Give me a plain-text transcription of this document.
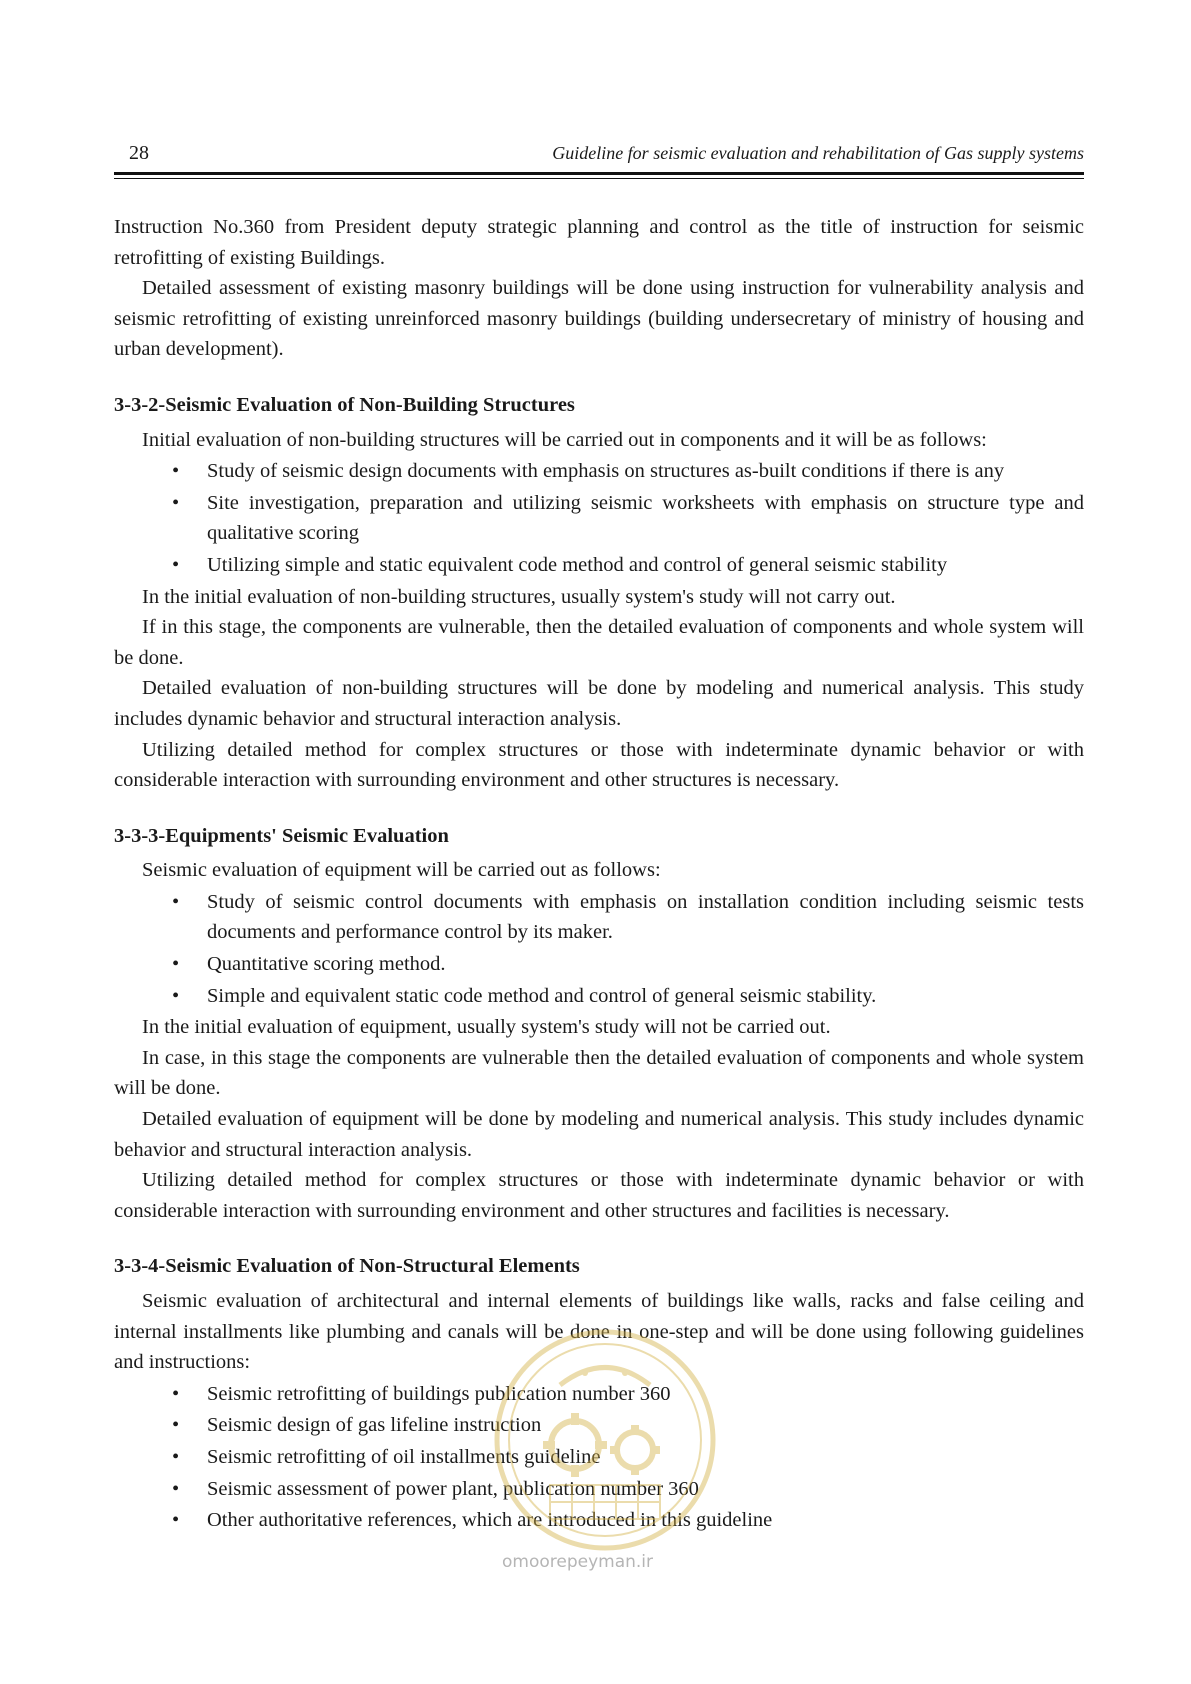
28	Guideline for seismic evaluation and rehabilitation of Gas supply systems

Instruction No.360 from President deputy strategic planning and control as the title of instruction for seismic retrofitting of existing Buildings.

Detailed assessment of existing masonry buildings will be done using instruction for vulnerability analysis and seismic retrofitting of existing unreinforced masonry buildings (building undersecretary of ministry of housing and urban development).

3-3-2-Seismic Evaluation of Non-Building Structures

Initial evaluation of non-building structures will be carried out in components and it will be as follows:

• Study of seismic design documents with emphasis on structures as-built conditions if there is any
• Site investigation, preparation and utilizing seismic worksheets with emphasis on structure type and qualitative scoring
• Utilizing simple and static equivalent code method and control of general seismic stability

In the initial evaluation of non-building structures, usually system's study will not carry out.

If in this stage, the components are vulnerable, then the detailed evaluation of components and whole system will be done.

Detailed evaluation of non-building structures will be done by modeling and numerical analysis. This study includes dynamic behavior and structural interaction analysis.

Utilizing detailed method for complex structures or those with indeterminate dynamic behavior or with considerable interaction with surrounding environment and other structures is necessary.

3-3-3-Equipments' Seismic Evaluation

Seismic evaluation of equipment will be carried out as follows:

• Study of seismic control documents with emphasis on installation condition including seismic tests documents and performance control by its maker.
• Quantitative scoring method.
• Simple and equivalent static code method and control of general seismic stability.

In the initial evaluation of equipment, usually system's study will not be carried out.

In case, in this stage the components are vulnerable then the detailed evaluation of components and whole system will be done.

Detailed evaluation of equipment will be done by modeling and numerical analysis. This study includes dynamic behavior and structural interaction analysis.

Utilizing detailed method for complex structures or those with indeterminate dynamic behavior or with considerable interaction with surrounding environment and other structures and facilities is necessary.

3-3-4-Seismic Evaluation of Non-Structural Elements

Seismic evaluation of architectural and internal elements of buildings like walls, racks and false ceiling and internal installments like plumbing and canals will be done in one-step and will be done using following guidelines and instructions:

• Seismic retrofitting of buildings publication number 360
• Seismic design of gas lifeline instruction
• Seismic retrofitting of oil installments guideline
• Seismic assessment of power plant, publication number 360
• Other authoritative references, which are introduced in this guideline
omoorepeyman.ir
